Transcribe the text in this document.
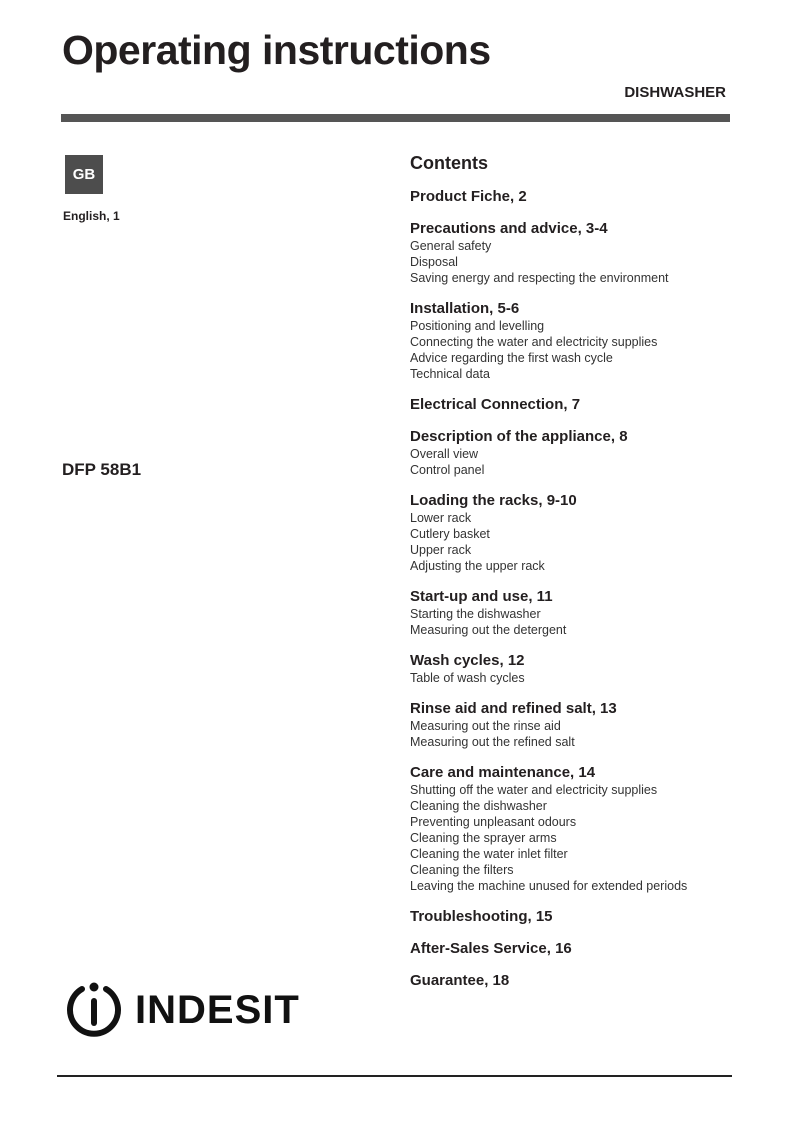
Operating instructions
DISHWASHER
GB
English, 1
DFP 58B1
INDESIT
Contents
Product Fiche, 2
Precautions and advice, 3-4
General safety
Disposal
Saving energy and respecting the environment
Installation, 5-6
Positioning and levelling
Connecting the water and electricity supplies
Advice regarding the first wash cycle
Technical data
Electrical Connection, 7
Description of the appliance, 8
Overall view
Control panel
Loading the racks, 9-10
Lower rack
Cutlery basket
Upper rack
Adjusting the upper rack
Start-up and use, 11
Starting the dishwasher
Measuring out the detergent
Wash cycles, 12
Table of wash cycles
Rinse aid and refined salt, 13
Measuring out the rinse aid
Measuring out the refined salt
Care and maintenance, 14
Shutting off the water and electricity supplies
Cleaning the dishwasher
Preventing unpleasant odours
Cleaning the sprayer arms
Cleaning the water inlet filter
Cleaning the filters
Leaving the machine unused for extended periods
Troubleshooting, 15
After-Sales Service, 16
Guarantee, 18
